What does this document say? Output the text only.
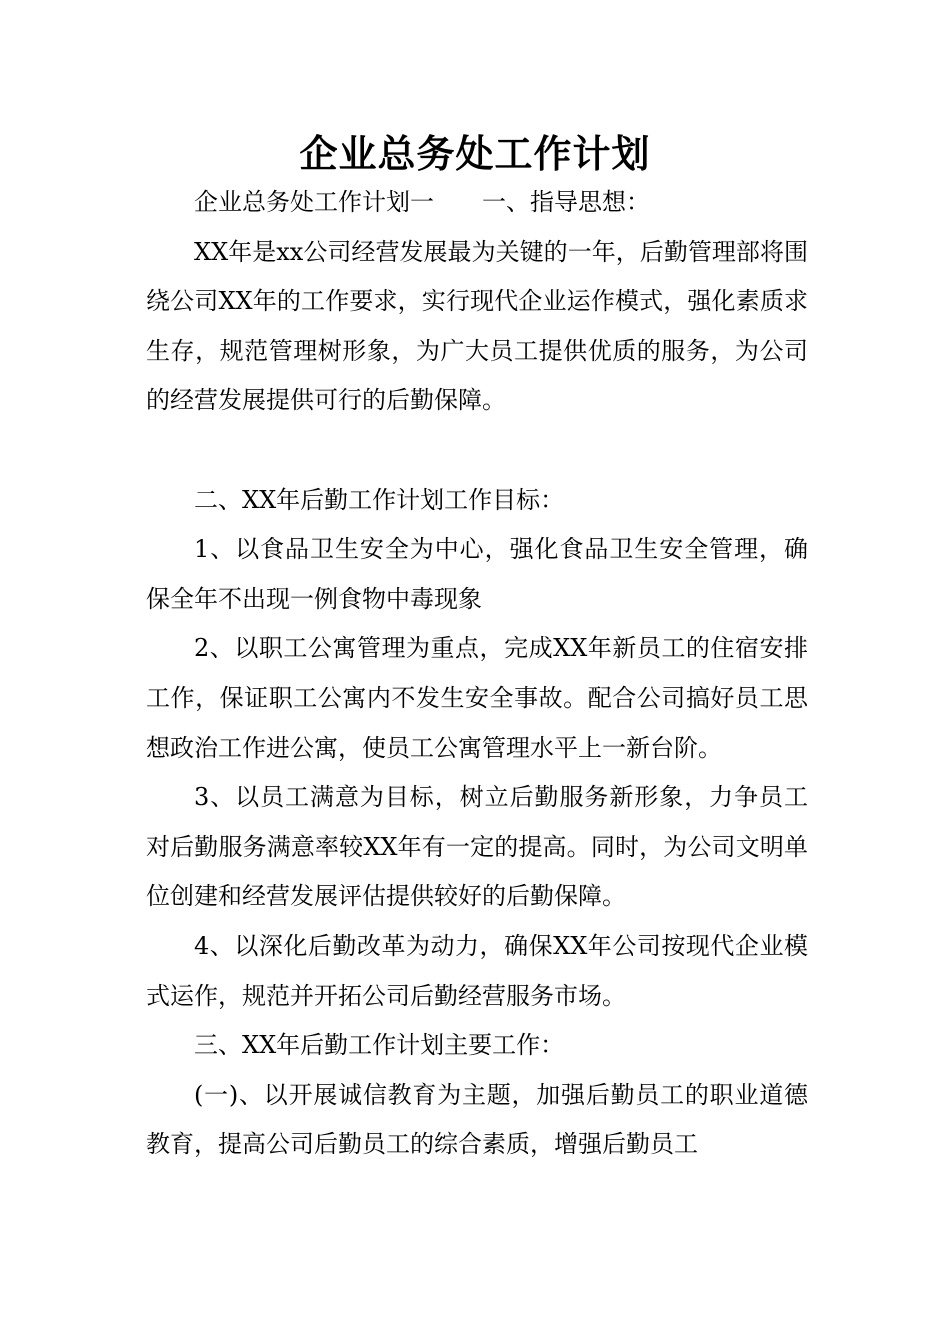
企业总务处工作计划

企业总务处工作计划一 一、指导思想：

XX年是xx公司经营发展最为关键的一年，后勤管理部将围绕公司XX年的工作要求，实行现代企业运作模式，强化素质求生存，规范管理树形象，为广大员工提供优质的服务，为公司的经营发展提供可行的后勤保障。

二、XX年后勤工作计划工作目标：

1、以食品卫生安全为中心，强化食品卫生安全管理，确保全年不出现一例食物中毒现象

2、以职工公寓管理为重点，完成XX年新员工的住宿安排工作，保证职工公寓内不发生安全事故。配合公司搞好员工思想政治工作进公寓，使员工公寓管理水平上一新台阶。

3、以员工满意为目标，树立后勤服务新形象，力争员工对后勤服务满意率较XX年有一定的提高。同时，为公司文明单位创建和经营发展评估提供较好的后勤保障。

4、以深化后勤改革为动力，确保XX年公司按现代企业模式运作，规范并开拓公司后勤经营服务市场。

三、XX年后勤工作计划主要工作：

(一)、以开展诚信教育为主题，加强后勤员工的职业道德教育，提高公司后勤员工的综合素质，增强后勤员工
